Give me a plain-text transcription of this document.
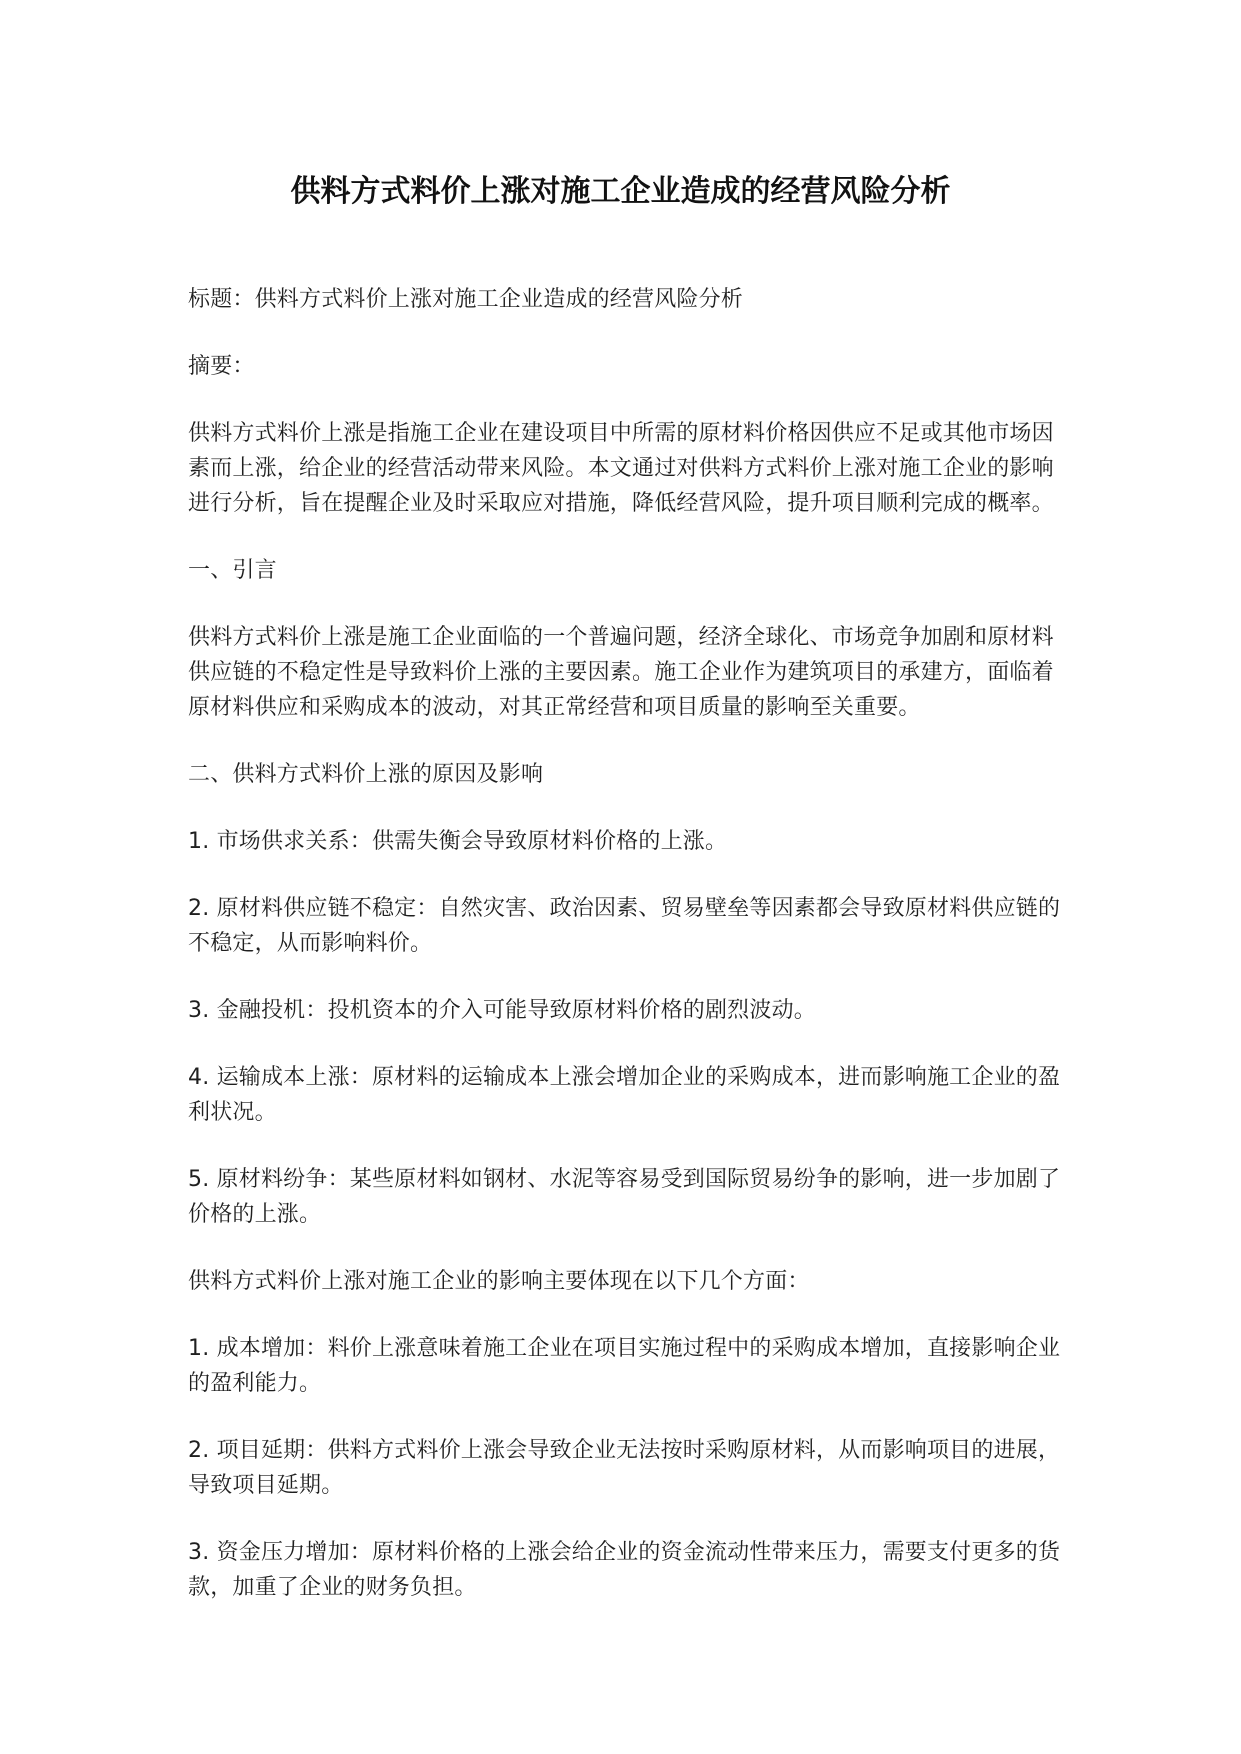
供料方式料价上涨对施工企业造成的经营风险分析

标题：供料方式料价上涨对施工企业造成的经营风险分析

摘要：

供料方式料价上涨是指施工企业在建设项目中所需的原材料价格因供应不足或其他市场因素而上涨，给企业的经营活动带来风险。本文通过对供料方式料价上涨对施工企业的影响进行分析，旨在提醒企业及时采取应对措施，降低经营风险，提升项目顺利完成的概率。

一、引言

供料方式料价上涨是施工企业面临的一个普遍问题，经济全球化、市场竞争加剧和原材料供应链的不稳定性是导致料价上涨的主要因素。施工企业作为建筑项目的承建方，面临着原材料供应和采购成本的波动，对其正常经营和项目质量的影响至关重要。

二、供料方式料价上涨的原因及影响

1. 市场供求关系：供需失衡会导致原材料价格的上涨。

2. 原材料供应链不稳定：自然灾害、政治因素、贸易壁垒等因素都会导致原材料供应链的不稳定，从而影响料价。

3. 金融投机：投机资本的介入可能导致原材料价格的剧烈波动。

4. 运输成本上涨：原材料的运输成本上涨会增加企业的采购成本，进而影响施工企业的盈利状况。

5. 原材料纷争：某些原材料如钢材、水泥等容易受到国际贸易纷争的影响，进一步加剧了价格的上涨。

供料方式料价上涨对施工企业的影响主要体现在以下几个方面：

1. 成本增加：料价上涨意味着施工企业在项目实施过程中的采购成本增加，直接影响企业的盈利能力。

2. 项目延期：供料方式料价上涨会导致企业无法按时采购原材料，从而影响项目的进展，导致项目延期。

3. 资金压力增加：原材料价格的上涨会给企业的资金流动性带来压力，需要支付更多的货款，加重了企业的财务负担。
